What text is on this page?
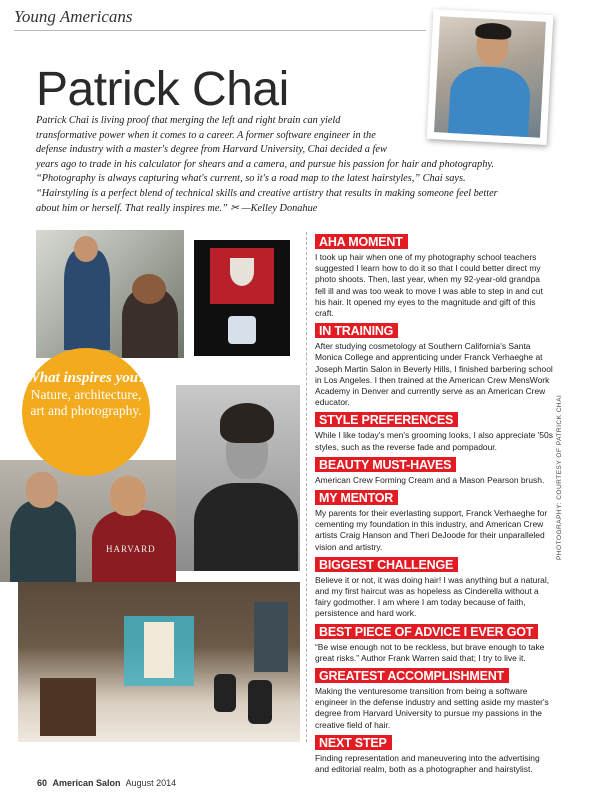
Young Americans
Patrick Chai

Patrick Chai is living proof that merging the left and right brain can yield

transformative power when it comes to a career. A former software engineer in the

defense industry with a master's degree from Harvard University, Chai decided a few

years ago to trade in his calculator for shears and a camera, and pursue his passion for hair and photography.

“Photography is always capturing what's current, so it's a road map to the latest hairstyles,” Chai says.

“Hairstyling is a perfect blend of technical skills and creative artistry that results in making someone feel better

about him or herself. That really inspires me.” ✂ —Kelley Donahue

HARVARD
What inspires you?
Nature, architecture, art and photography.
AHA MOMENT
I took up hair when one of my photography school teachers suggested I learn how to do it so that I could better direct my photo shoots. Then, last year, when my 92-year-old grandpa fell ill and was too weak to move I was able to step in and cut his hair. It opened my eyes to the magnitude and gift of this craft.
IN TRAINING
After studying cosmetology at Southern California's Santa Monica College and apprenticing under Franck Verhaeghe at Joseph Martin Salon in Beverly Hills, I finished barbering school in Los Angeles. I then trained at the American Crew MensWork Academy in Denver and currently serve as an American Crew educator.
STYLE PREFERENCES
While I like today's men's grooming looks, I also appreciate '50s styles, such as the reverse fade and pompadour.
BEAUTY MUST-HAVES
American Crew Forming Cream and a Mason Pearson brush.
MY MENTOR
My parents for their everlasting support, Franck Verhaeghe for cementing my foundation in this industry, and American Crew artists Craig Hanson and Theri DeJoode for their unparalleled vision and artistry.
BIGGEST CHALLENGE
Believe it or not, it was doing hair! I was anything but a natural, and my first haircut was as hopeless as Cinderella without a fairy godmother. I am where I am today because of faith, persistence and hard work.
BEST PIECE OF ADVICE I EVER GOT
“Be wise enough not to be reckless, but brave enough to take great risks.” Author Frank Warren said that; I try to live it.
GREATEST ACCOMPLISHMENT
Making the venturesome transition from being a software engineer in the defense industry and setting aside my master's degree from Harvard University to pursue my passions in the creative field of hair.
NEXT STEP
Finding representation and maneuvering into the advertising and editorial realm, both as a photographer and hairstylist.
PHOTOGRAPHY: COURTESY OF PATRICK CHAI
60 American Salon August 2014
